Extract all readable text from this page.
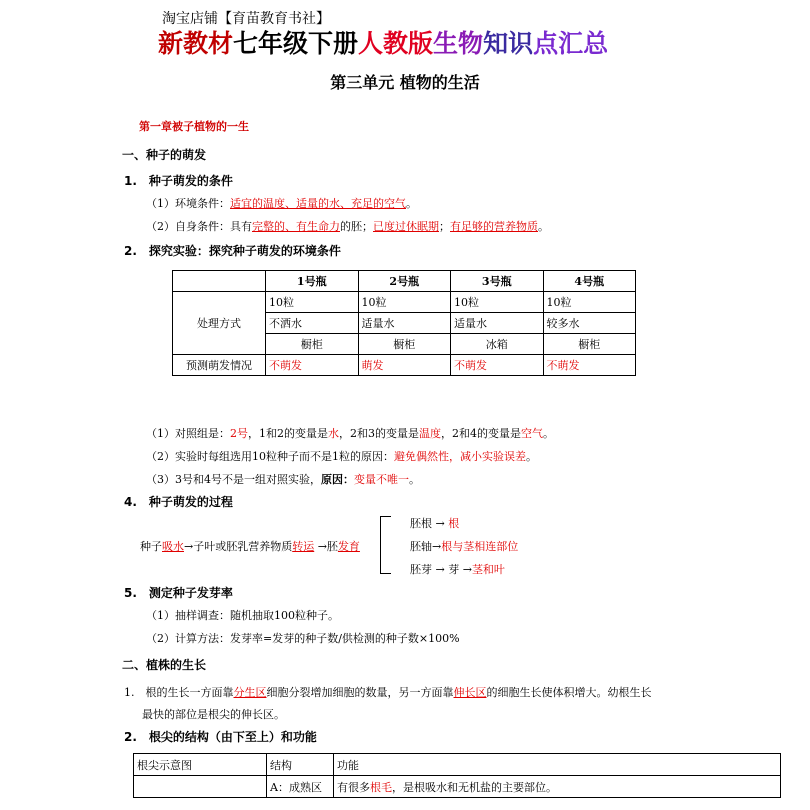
淘宝店铺【育苗教育书社】
新教材七年级下册人教版生物知识点汇总
第三单元 植物的生活
第一章被子植物的一生
一、种子的萌发
1.　种子萌发的条件
（1）环境条件：适宜的温度、适量的水、充足的空气。
（2）自身条件：具有完整的、有生命力的胚；已度过休眠期；有足够的营养物质。
2.　探究实验：探究种子萌发的环境条件
	1号瓶	2号瓶	3号瓶	4号瓶
处理方式	10粒	10粒	10粒	10粒
	不洒水	适量水	适量水	较多水
	橱柜	橱柜	冰箱	橱柜
预测萌发情况	不萌发	萌发	不萌发	不萌发
（1）对照组是：2号，1和2的变量是水，2和3的变量是温度，2和4的变量是空气。
（2）实验时每组选用10粒种子而不是1粒的原因：避免偶然性，减小实验误差。
（3）3号和4号不是一组对照实验，原因：变量不唯一。
4.　种子萌发的过程
种子吸水→子叶或胚乳营养物质转运 →胚发育
胚根 → 根
胚轴→根与茎相连部位
胚芽 → 芽 →茎和叶
5.　测定种子发芽率
（1）抽样调查：随机抽取100粒种子。
（2）计算方法：发芽率=发芽的种子数/供检测的种子数×100%
二、植株的生长
1.　根的生长一方面靠分生区细胞分裂增加细胞的数量，另一方面靠伸长区的细胞生长使体积增大。幼根生长
最快的部位是根尖的伸长区。
2.　根尖的结构（由下至上）和功能
根尖示意图	结构	功能
	A：成熟区	有很多根毛，是根吸水和无机盐的主要部位。
